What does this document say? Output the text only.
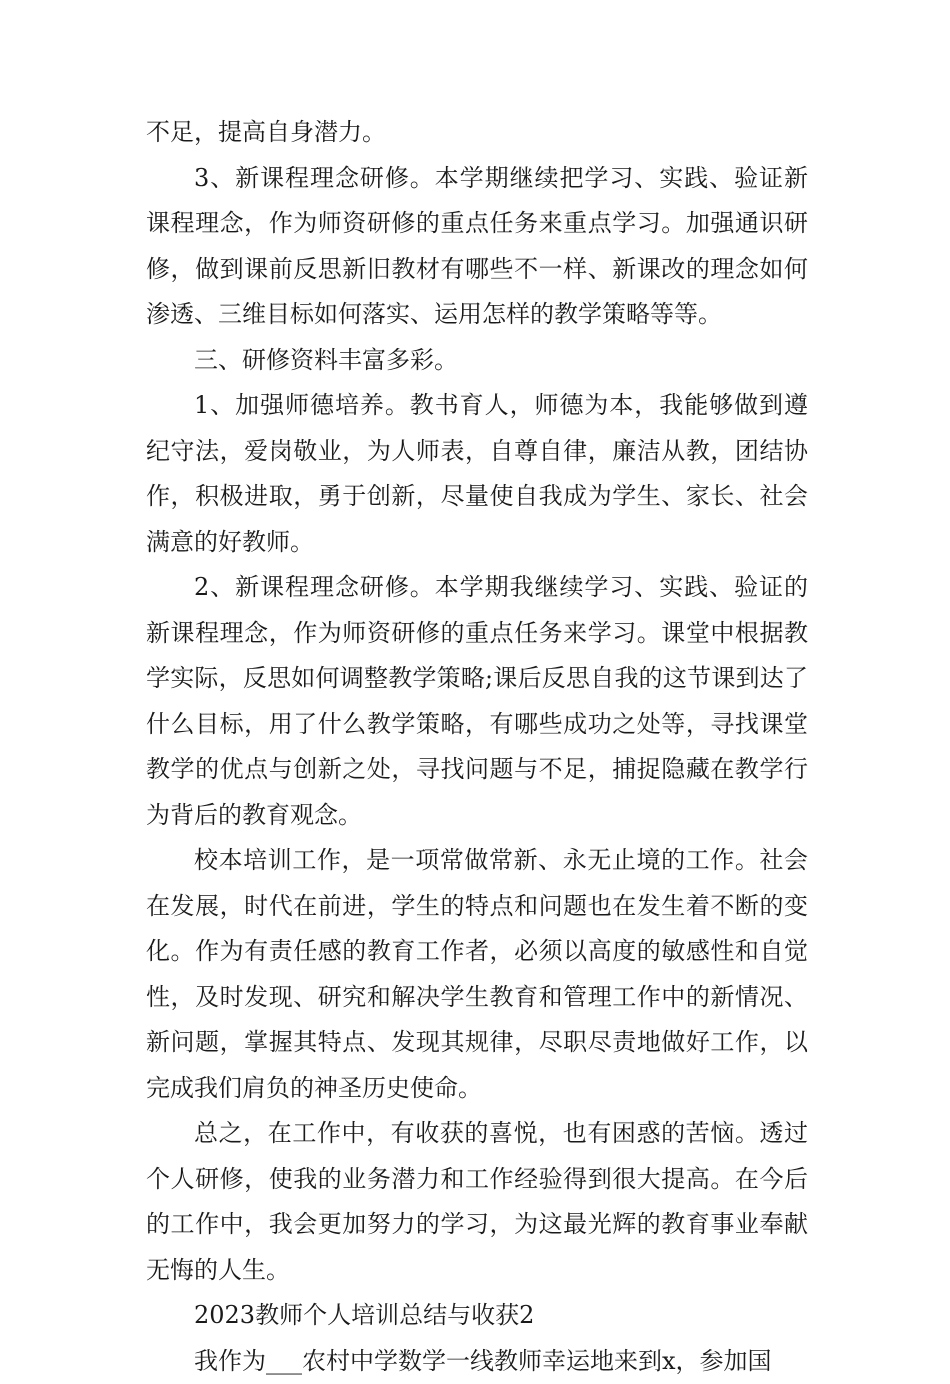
不足，提高自身潜力。

3、新课程理念研修。本学期继续把学习、实践、验证新课程理念，作为师资研修的重点任务来重点学习。加强通识研修，做到课前反思新旧教材有哪些不一样、新课改的理念如何渗透、三维目标如何落实、运用怎样的教学策略等等。

三、研修资料丰富多彩。

1、加强师德培养。教书育人，师德为本，我能够做到遵纪守法，爱岗敬业，为人师表，自尊自律，廉洁从教，团结协作，积极进取，勇于创新，尽量使自我成为学生、家长、社会满意的好教师。

2、新课程理念研修。本学期我继续学习、实践、验证的新课程理念，作为师资研修的重点任务来学习。课堂中根据教学实际，反思如何调整教学策略;课后反思自我的这节课到达了什么目标，用了什么教学策略，有哪些成功之处等，寻找课堂教学的优点与创新之处，寻找问题与不足，捕捉隐藏在教学行为背后的教育观念。

校本培训工作，是一项常做常新、永无止境的工作。社会在发展，时代在前进，学生的特点和问题也在发生着不断的变化。作为有责任感的教育工作者，必须以高度的敏感性和自觉性，及时发现、研究和解决学生教育和管理工作中的新情况、新问题，掌握其特点、发现其规律，尽职尽责地做好工作，以完成我们肩负的神圣历史使命。

总之，在工作中，有收获的喜悦，也有困惑的苦恼。透过个人研修，使我的业务潜力和工作经验得到很大提高。在今后的工作中，我会更加努力的学习，为这最光辉的教育事业奉献无悔的人生。

2023教师个人培训总结与收获2

我作为___农村中学数学一线教师幸运地来到x，参加国
